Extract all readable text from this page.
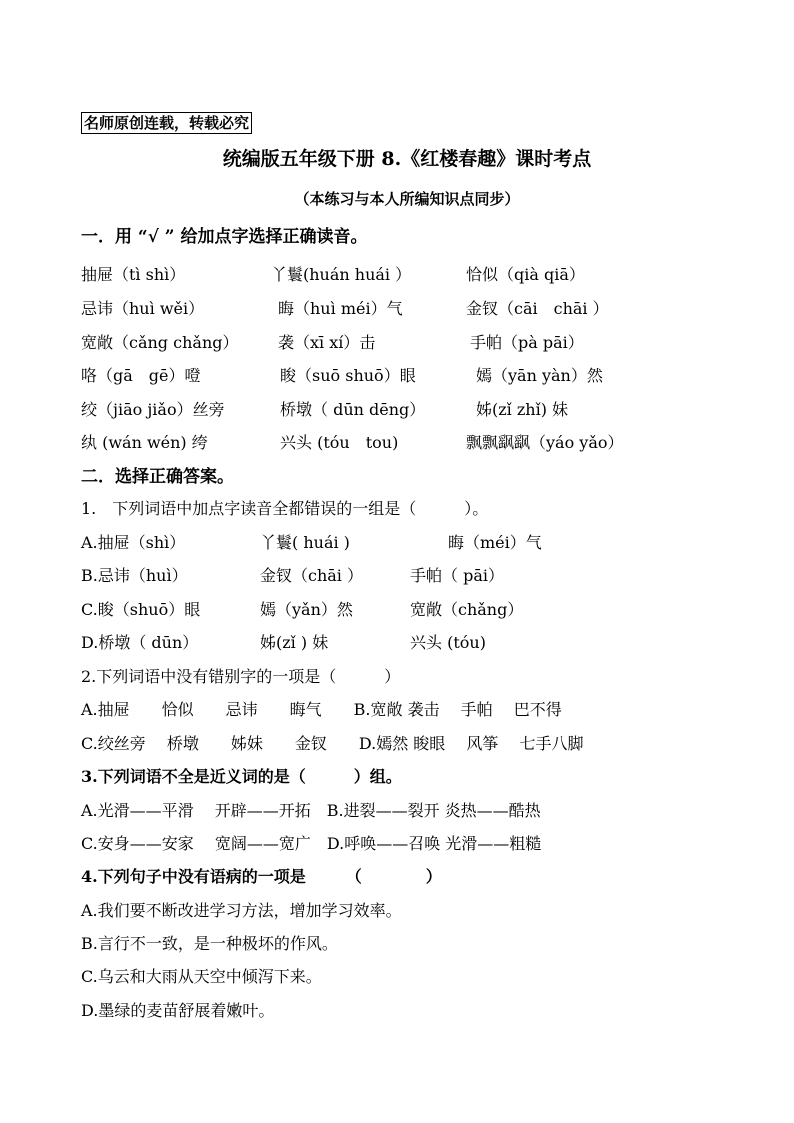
名师原创连载，转载必究
统编版五年级下册 8.《红楼春趣》课时考点
（本练习与本人所编知识点同步）
一．用 “√ ” 给加点字选择正确读音。
抽屉（tì shì）	丫鬟(huán huái ）	恰似（qià qiā）
忌讳（huì wěi）	晦（huì méi）气	金钗（cāi　chāi ）
宽敞（cǎng chǎng） 袭（xī xí）击	手帕（pà pāi）
咯（gā　gē）噔	睃（suō shuō）眼	嫣（yān yàn）然
绞（jiāo jiǎo）丝旁	桥墩（ dūn dēng）	姊(zǐ zhǐ) 妹
纨 (wán wén) 绔	兴头 (tóu　tou)	飘飘飖飖（yáo yǎo）
二．选择正确答案。
1.　下列词语中加点字读音全都错误的一组是（　　　）。
A.抽屉（shì）	丫鬟( huái )	晦（méi）气
B.忌讳（huì）	金钗（chāi ）	手帕（ pāi）
C.睃（shuō）眼	嫣（yǎn）然	宽敞（chǎng）
D.桥墩（ dūn）	姊(zǐ ) 妹	兴头 (tóu)
2.下列词语中没有错别字的一项是（　　　）
A.抽屉　　恰似　　忌讳　　晦气　　B.宽敞 袭击　 手帕　 巴不得
C.绞丝旁　 桥墩　　姊妹　　金钗　　D.嫣然 睃眼　 风筝　 七手八脚
3.下列词语不全是近义词的是（　　　）组。
A.光滑——平滑　 开辟——开拓　B.进裂——裂开 炎热——酷热
C.安身——安家　 宽阔——宽广　D.呼唤——召唤 光滑——粗糙
4.下列句子中没有语病的一项是　　　（　　　　）
A.我们要不断改进学习方法，增加学习效率。
B.言行不一致，是一种极坏的作风。
C.乌云和大雨从天空中倾泻下来。
D.墨绿的麦苗舒展着嫩叶。
